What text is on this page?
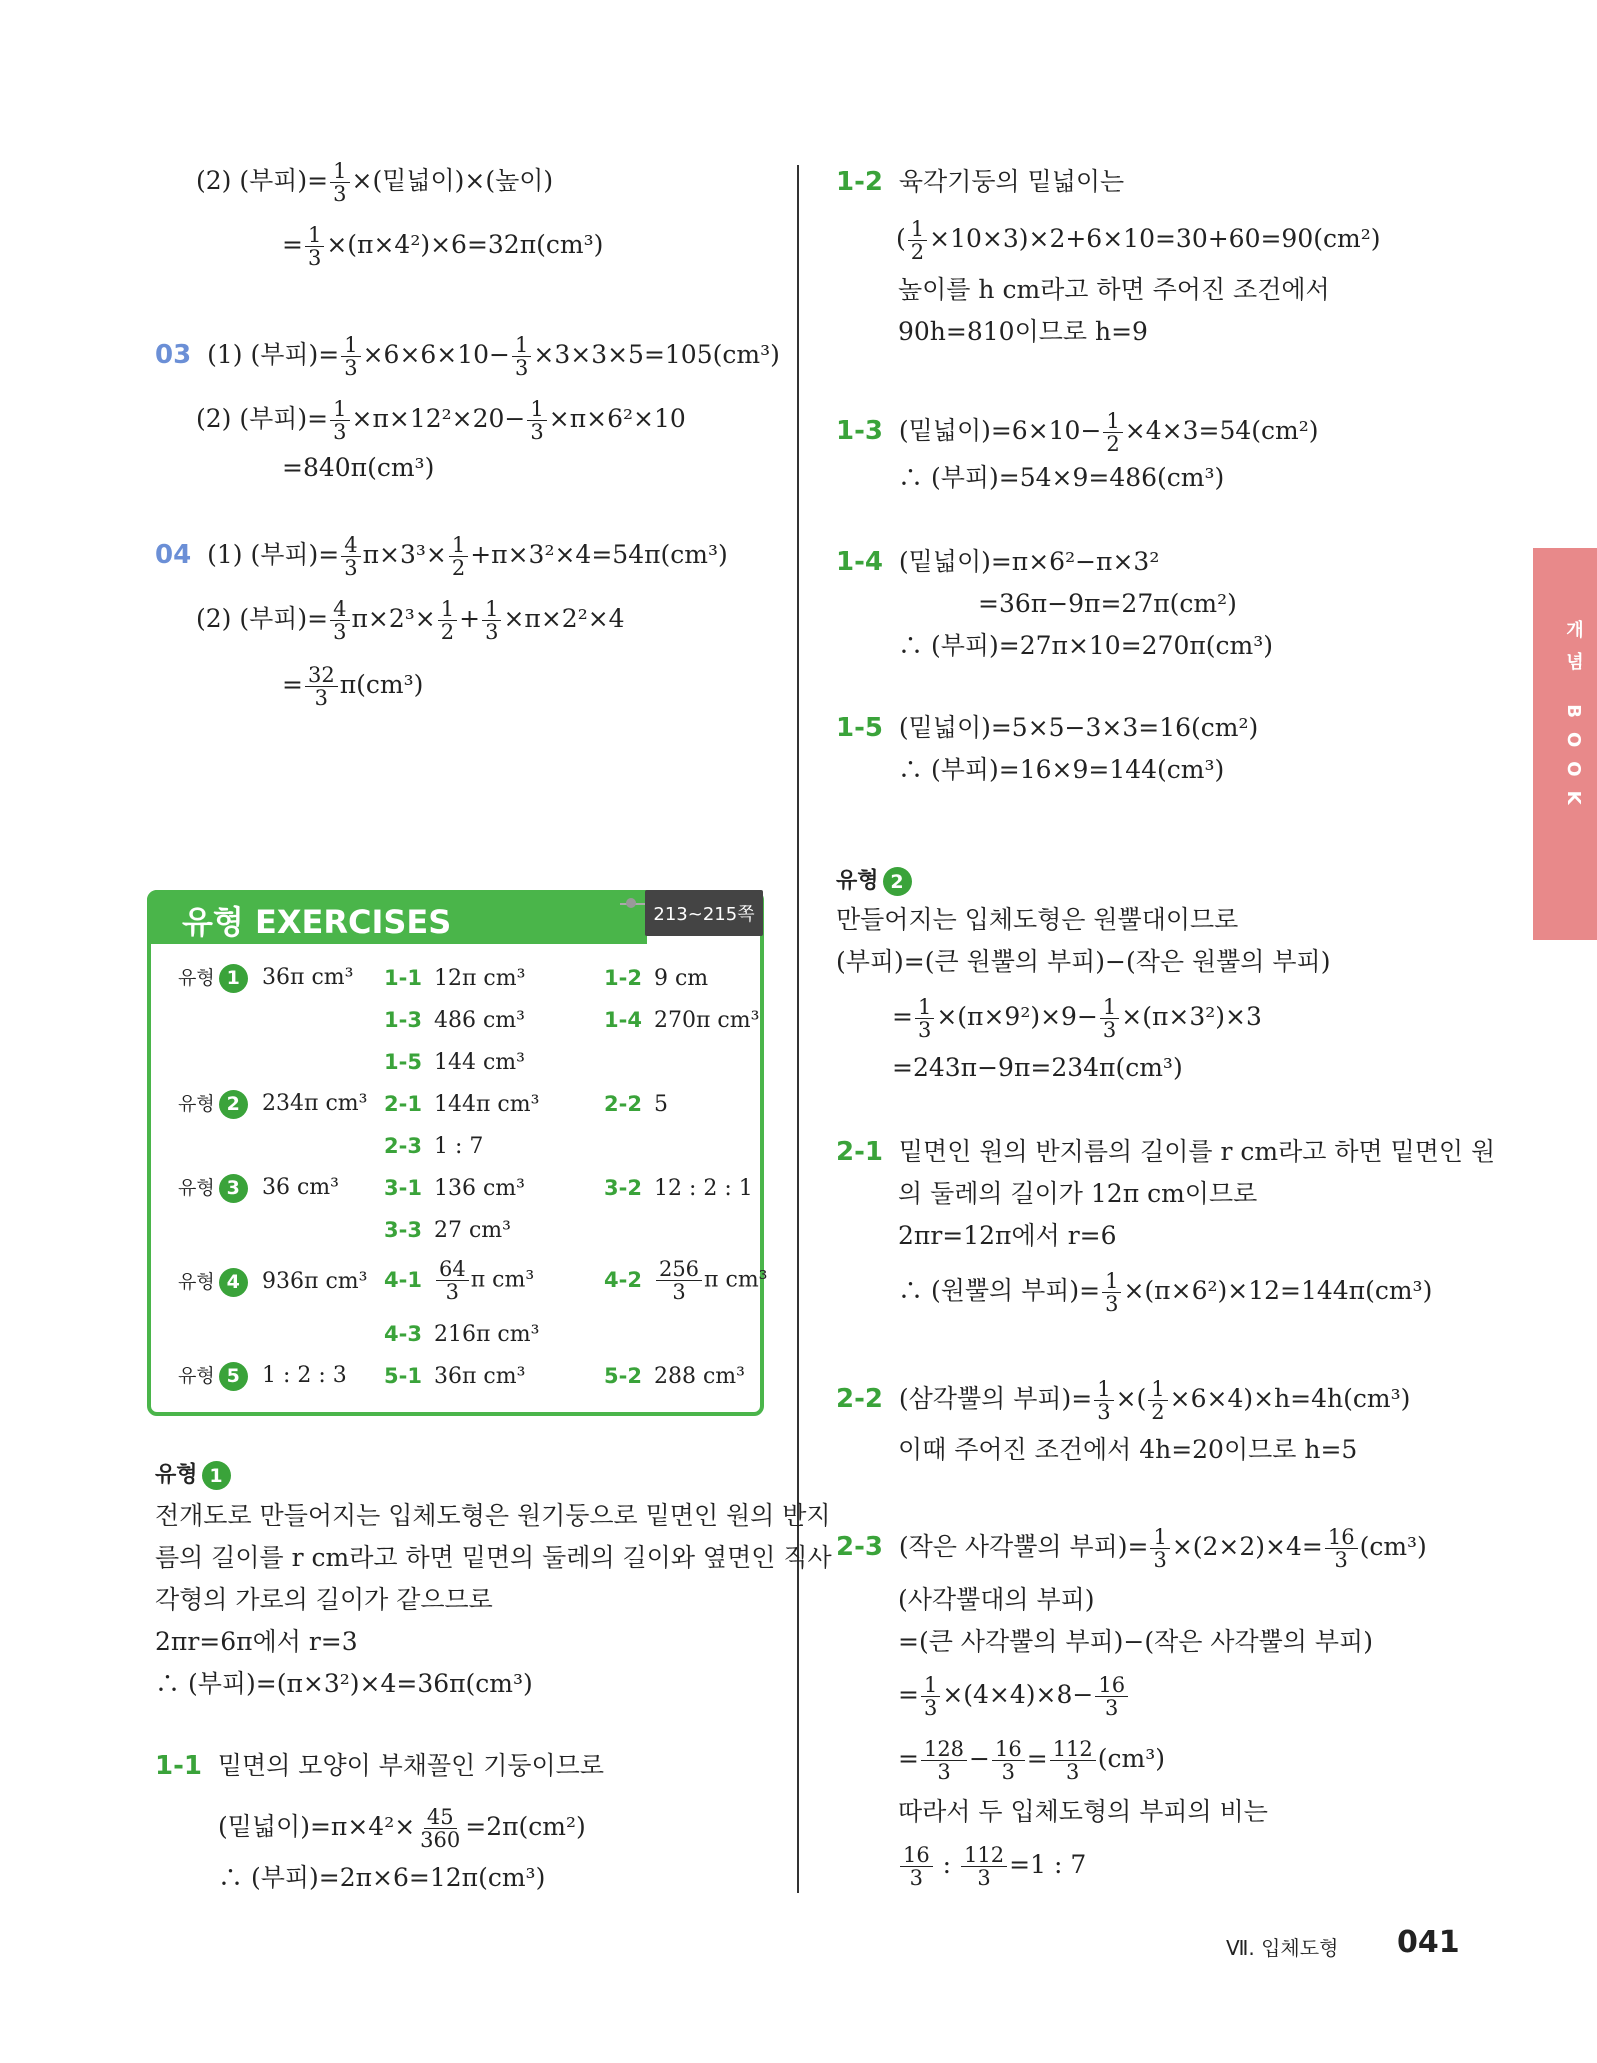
(2) (부피)= $\frac{1}{3}$ ×(밑넓이)×(높이)
= $\frac{1}{3} \times(\pi\times 4^2)\times 6=32\pi(cm^3)$
03 (1) (부피)= $\frac{1}{3} \times 6\times 6\times 10- \frac{1}{3} \times 3\times 3\times 5=105(cm^3)$
(2) (부피)= $\frac{1}{3} \times\pi\times 12^2\times 20- \frac{1}{3} \times\pi\times 6^2\times 10$
=840π(cm³)
04 (1) (부피)= $\frac{4}{3} \pi\times 3^3\times \frac{1}{2} +\pi\times 3^2\times 4=54\pi(cm^3)$
(2) (부피)= $\frac{4}{3} \pi\times 2^3\times \frac{1}{2} + \frac{1}{3} \times\pi\times 2^2\times 4$
= $\frac{32}{3} \pi(cm^3)$
유형 EXERCISES	213~215쪽
유형 1	36π cm³ 1-1 12π cm³	1-2 9 cm
1-3 486 cm³	1-4 270π cm³
1-5 144 cm³
유형 2	234π cm³ 2-1 144π cm³	2-2 5
2-3 1 : 7
유형 3	36 cm³ 3-1 136 cm³	3-2 12 : 2 : 1
3-3 27 cm³
유형 4	936π cm³ $4-1 \frac{64}{3}$ π cm³	$4-2 \frac{256}{3}$ π cm³
4-3 216π cm³
유형 5	1 : 2 : 3 5-1 36π cm³	5-2 288 cm³
유형 1
전개도로 만들어지는 입체도형은 원기둥으로 밑면인 원의 반지
름의 길이를 r cm라고 하면 밑면의 둘레의 길이와 옆면인 직사
각형의 가로의 길이가 같으므로
2πr=6π에서 r=3
∴ (부피)=(π×3²)×4=36π(cm³)
1-1 밑면의 모양이 부채꼴인 기둥이므로
(밑넓이)$=\pi\times 4^2\times \frac{45}{360} =2\pi(cm^2)$
∴ (부피)=2π×6=12π(cm³)
1-2 육각기둥의 밑넓이는
( $\frac{1}{2} \times 10\times 3)\times 2+6\times 10=30+60=90(cm^2)$
높이를 h cm라고 하면 주어진 조건에서
90h=810이므로 h=9
1-3 (밑넓이)$=6\times 10- \frac{1}{2} \times 4\times 3=54(cm^2)$
∴ (부피)=54×9=486(cm³)
1-4 (밑넓이)=π×6²−π×3²
=36π−9π=27π(cm²)
∴ (부피)=27π×10=270π(cm³)
1-5 (밑넓이)=5×5−3×3=16(cm²)
∴ (부피)=16×9=144(cm³)
유형 2
만들어지는 입체도형은 원뿔대이므로
(부피)=(큰 원뿔의 부피)−(작은 원뿔의 부피)
= $\frac{1}{3} \times(\pi\times 9^2)\times 9- \frac{1}{3} \times(\pi\times 3^2)\times 3$
=243π−9π=234π(cm³)
2-1 밑면인 원의 반지름의 길이를 r cm라고 하면 밑면인 원
의 둘레의 길이가 12π cm이므로
2πr=12π에서 r=6
∴ (원뿔의 부피)= $\frac{1}{3} \times(\pi\times 6^2)\times 12=144\pi(cm^3)$
2-2 (삼각뿔의 부피)= $\frac{1}{3}$ ×( $\frac{1}{2} \times 6\times 4)\times h=4h(cm^3)$
이때 주어진 조건에서 4h=20이므로 h=5
2-3 (작은 사각뿔의 부피)= $\frac{1}{3} \times(2\times 2)\times 4= \frac{16}{3} (cm^3)$
(사각뿔대의 부피)
=(큰 사각뿔의 부피)−(작은 사각뿔의 부피)
= $\frac{1}{3} \times(4\times 4)\times 8- \frac{16}{3}$
= $\frac{128}{3} - \frac{16}{3} = \frac{112}{3} (cm^3)$
따라서 두 입체도형의 부피의 비는
$\frac{16}{3}$ : $\frac{112}{3} =1$ : 7
개념 BOOK
Ⅶ. 입체도형 041
